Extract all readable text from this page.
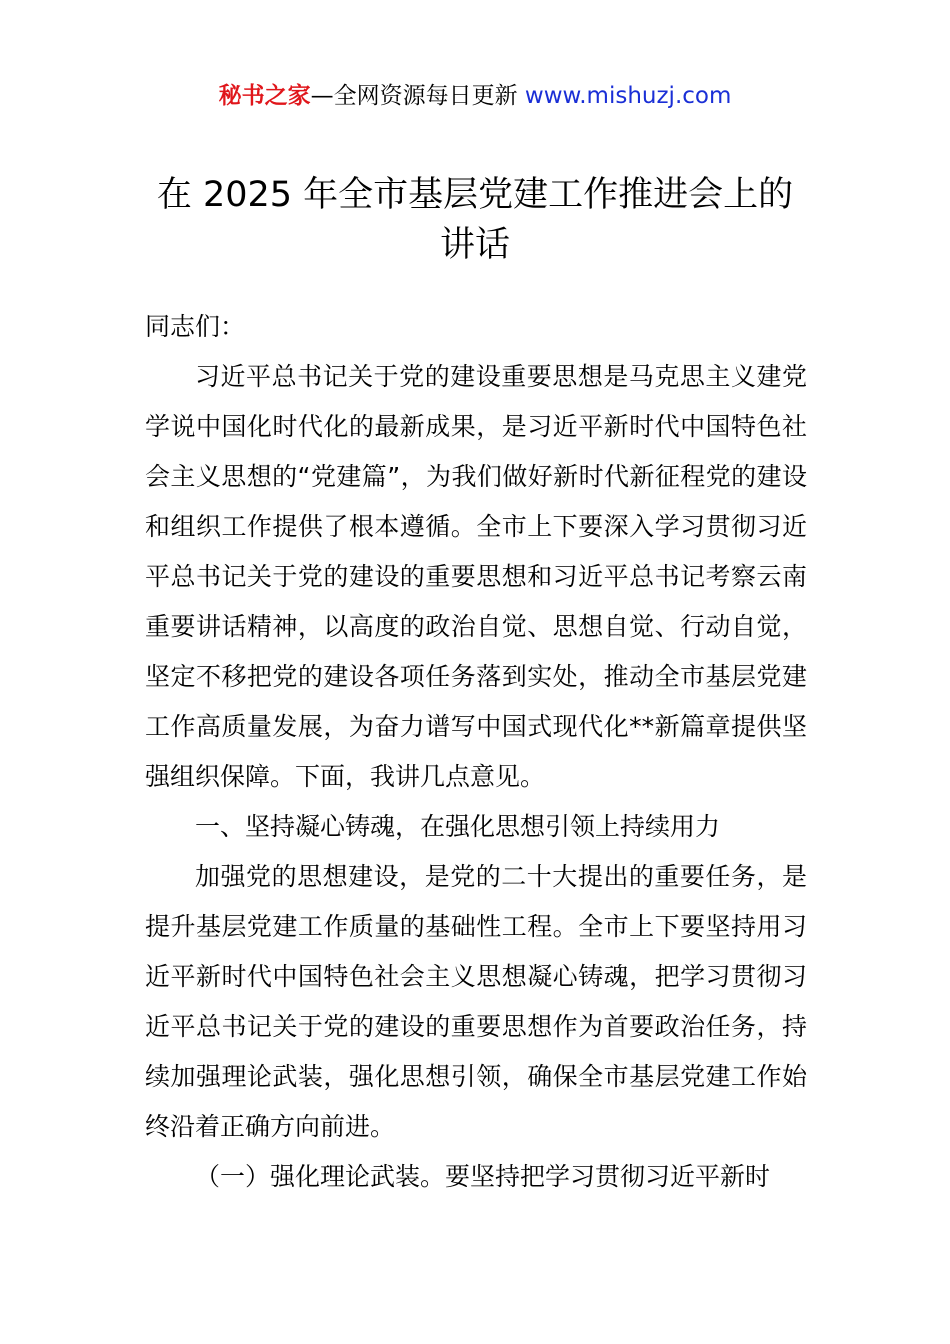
秘书之家—全网资源每日更新 www.mishuzj.com
在 2025 年全市基层党建工作推进会上的讲话

同志们：

习近平总书记关于党的建设重要思想是马克思主义建党学说中国化时代化的最新成果，是习近平新时代中国特色社会主义思想的“党建篇”，为我们做好新时代新征程党的建设和组织工作提供了根本遵循。全市上下要深入学习贯彻习近平总书记关于党的建设的重要思想和习近平总书记考察云南重要讲话精神，以高度的政治自觉、思想自觉、行动自觉，坚定不移把党的建设各项任务落到实处，推动全市基层党建工作高质量发展，为奋力谱写中国式现代化**新篇章提供坚强组织保障。下面，我讲几点意见。

一、坚持凝心铸魂，在强化思想引领上持续用力

加强党的思想建设，是党的二十大提出的重要任务，是提升基层党建工作质量的基础性工程。全市上下要坚持用习近平新时代中国特色社会主义思想凝心铸魂，把学习贯彻习近平总书记关于党的建设的重要思想作为首要政治任务，持续加强理论武装，强化思想引领，确保全市基层党建工作始终沿着正确方向前进。

（一）强化理论武装。要坚持把学习贯彻习近平新时
